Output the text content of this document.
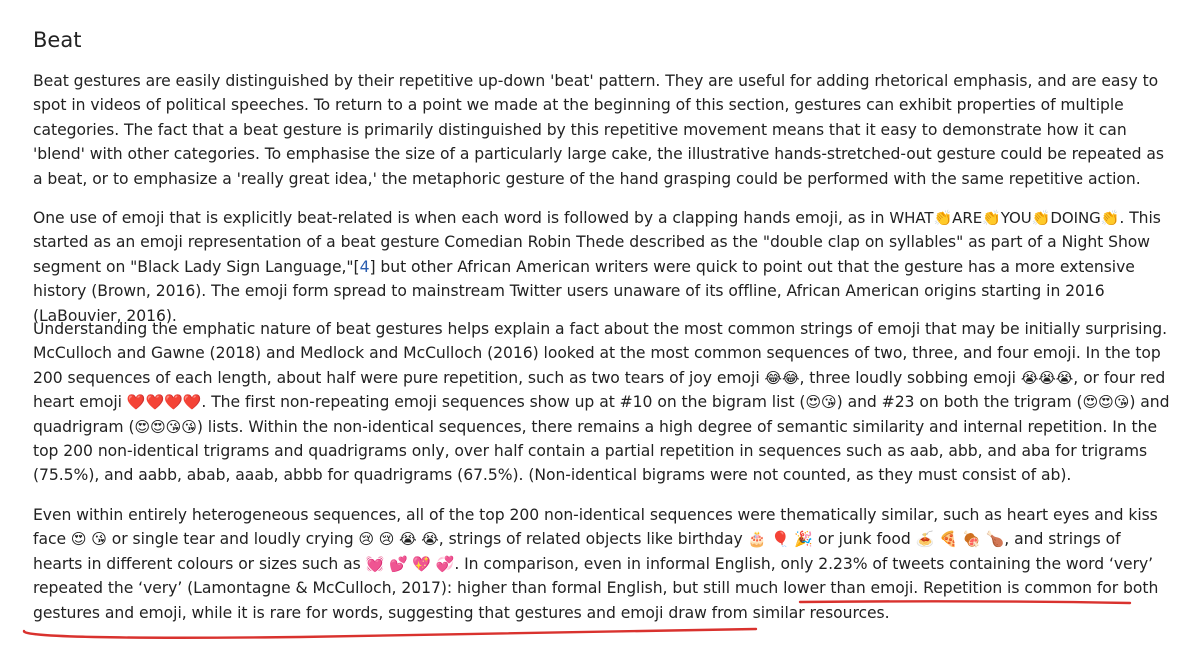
Beat

Beat gestures are easily distinguished by their repetitive up-down 'beat' pattern. They are useful for adding rhetorical emphasis, and are easy to spot in videos of political speeches. To return to a point we made at the beginning of this section, gestures can exhibit properties of multiple categories. The fact that a beat gesture is primarily distinguished by this repetitive movement means that it easy to demonstrate how it can 'blend' with other categories. To emphasise the size of a particularly large cake, the illustrative hands-stretched-out gesture could be repeated as a beat, or to emphasize a 'really great idea,' the metaphoric gesture of the hand grasping could be performed with the same repetitive action.

One use of emoji that is explicitly beat-related is when each word is followed by a clapping hands emoji, as in WHAT👏ARE👏YOU👏DOING👏. This started as an emoji representation of a beat gesture Comedian Robin Thede described as the "double clap on syllables" as part of a Night Show segment on "Black Lady Sign Language,"[4] but other African American writers were quick to point out that the gesture has a more extensive history (Brown, 2016). The emoji form spread to mainstream Twitter users unaware of its offline, African American origins starting in 2016 (LaBouvier, 2016).

Understanding the emphatic nature of beat gestures helps explain a fact about the most common strings of emoji that may be initially surprising. McCulloch and Gawne (2018) and Medlock and McCulloch (2016) looked at the most common sequences of two, three, and four emoji. In the top 200 sequences of each length, about half were pure repetition, such as two tears of joy emoji 😂😂, three loudly sobbing emoji 😭😭😭, or four red heart emoji ❤️❤️❤️❤️. The first non-repeating emoji sequences show up at #10 on the bigram list (😍😘) and #23 on both the trigram (😍😍😘) and quadrigram (😍😍😘😘) lists. Within the non-identical sequences, there remains a high degree of semantic similarity and internal repetition. In the top 200 non-identical trigrams and quadrigrams only, over half contain a partial repetition in sequences such as aab, abb, and aba for trigrams (75.5%), and aabb, abab, aaab, abbb for quadrigrams (67.5%). (Non-identical bigrams were not counted, as they must consist of ab).

Even within entirely heterogeneous sequences, all of the top 200 non-identical sequences were thematically similar, such as heart eyes and kiss face 😍 😘 or single tear and loudly crying 😢 😢 😭 😭, strings of related objects like birthday 🎂 🎈 🎉 or junk food 🍝 🍕 🍖 🍗, and strings of hearts in different colours or sizes such as 💓 💕 💖 💞. In comparison, even in informal English, only 2.23% of tweets containing the word ‘very’ repeated the ‘very’ (Lamontagne & McCulloch, 2017): higher than formal English, but still much lower than emoji. Repetition is common for both gestures and emoji, while it is rare for words, suggesting that gestures and emoji draw from similar resources.
